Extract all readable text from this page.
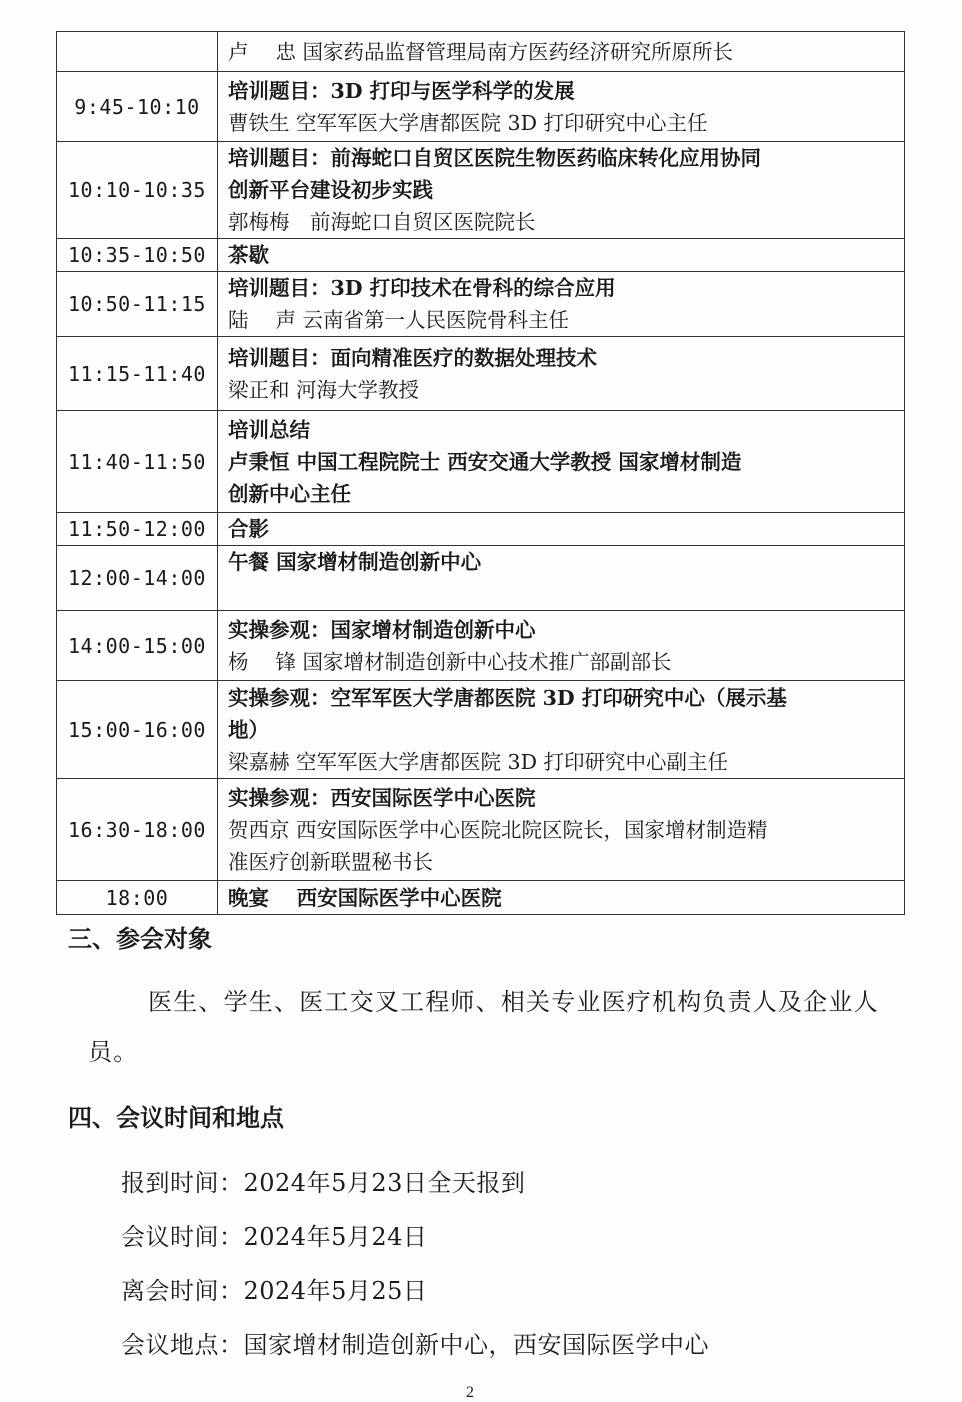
	卢　 忠 国家药品监督管理局南方医药经济研究所原所长

9:45-10:10	培训题目：3D 打印与医学科学的发展
曹铁生 空军军医大学唐都医院 3D 打印研究中心主任

10:10-10:35	培训题目：前海蛇口自贸区医院生物医药临床转化应用协同
创新平台建设初步实践
郭梅梅　前海蛇口自贸区医院院长

10:35-10:50	茶歇

10:50-11:15	培训题目：3D 打印技术在骨科的综合应用
陆　 声 云南省第一人民医院骨科主任

11:15-11:40	培训题目：面向精准医疗的数据处理技术
梁正和 河海大学教授

11:40-11:50	培训总结
卢秉恒 中国工程院院士 西安交通大学教授 国家增材制造
创新中心主任

11:50-12:00	合影

12:00-14:00	午餐 国家增材制造创新中心

14:00-15:00	实操参观：国家增材制造创新中心
杨　 锋 国家增材制造创新中心技术推广部副部长

15:00-16:00	实操参观：空军军医大学唐都医院 3D 打印研究中心（展示基
地）
梁嘉赫 空军军医大学唐都医院 3D 打印研究中心副主任

16:30-18:00	实操参观：西安国际医学中心医院
贺西京 西安国际医学中心医院北院区院长，国家增材制造精
准医疗创新联盟秘书长

18:00	晚宴　 西安国际医学中心医院
三、参会对象
医生、学生、医工交叉工程师、相关专业医疗机构负责人及企业人员。
四、会议时间和地点
报到时间：2024年5月23日全天报到
会议时间：2024年5月24日
离会时间：2024年5月25日
会议地点：国家增材制造创新中心，西安国际医学中心
2
